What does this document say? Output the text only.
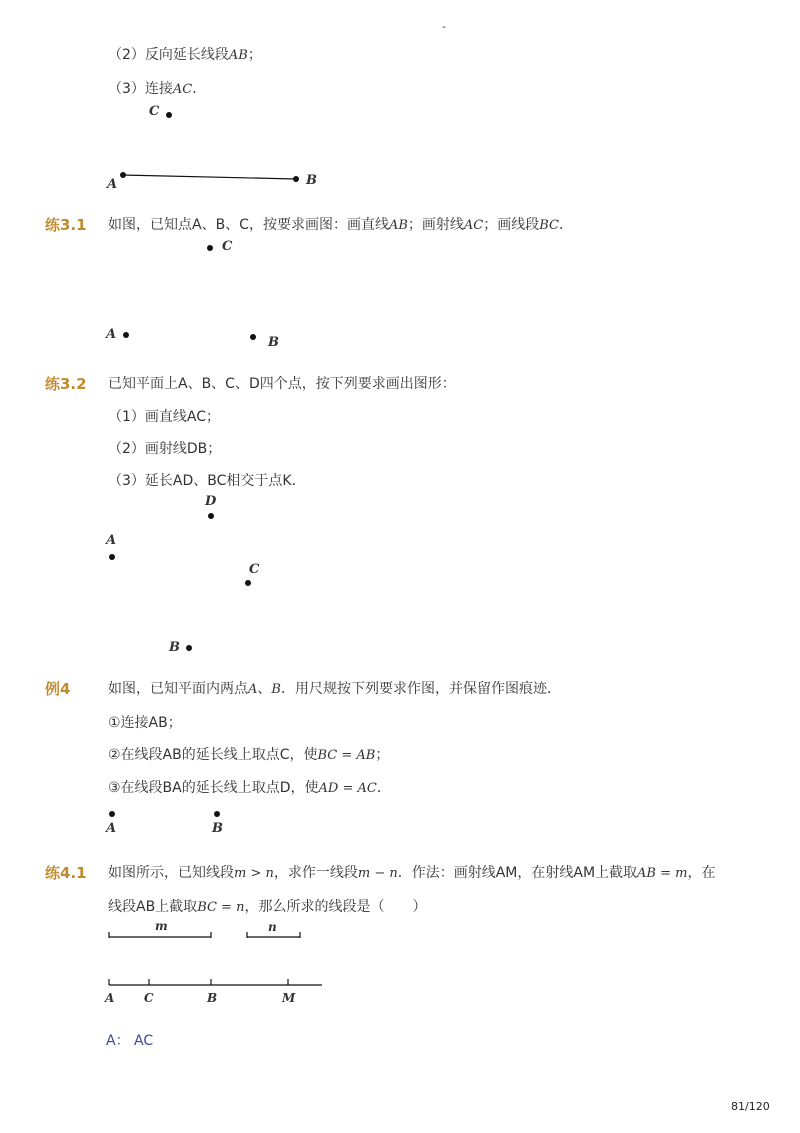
-
（2）反向延长线段AB；
（3）连接AC．
C
A	B
练3.1 如图，已知点A、B、C，按要求画图：画直线AB；画射线AC；画线段BC．
C
A
B
练3.2 已知平面上A、B、C、D四个点，按下列要求画出图形：
（1）画直线AC；
（2）画射线DB；
（3）延长AD、BC相交于点K．
D
A
C
B
例4	如图，已知平面内两点A、B．用尺规按下列要求作图，并保留作图痕迹．
①连接AB；
②在线段AB的延长线上取点C，使BC = AB；
③在线段BA的延长线上取点D，使AD = AC．
A	B
练4.1 如图所示，已知线段m > n，求作一线段m − n．作法：画射线AM，在射线AM上截取AB = m，在
线段AB上截取BC = n，那么所求的线段是（　　）
m	n
A C	B	M
A： AC
81/120
